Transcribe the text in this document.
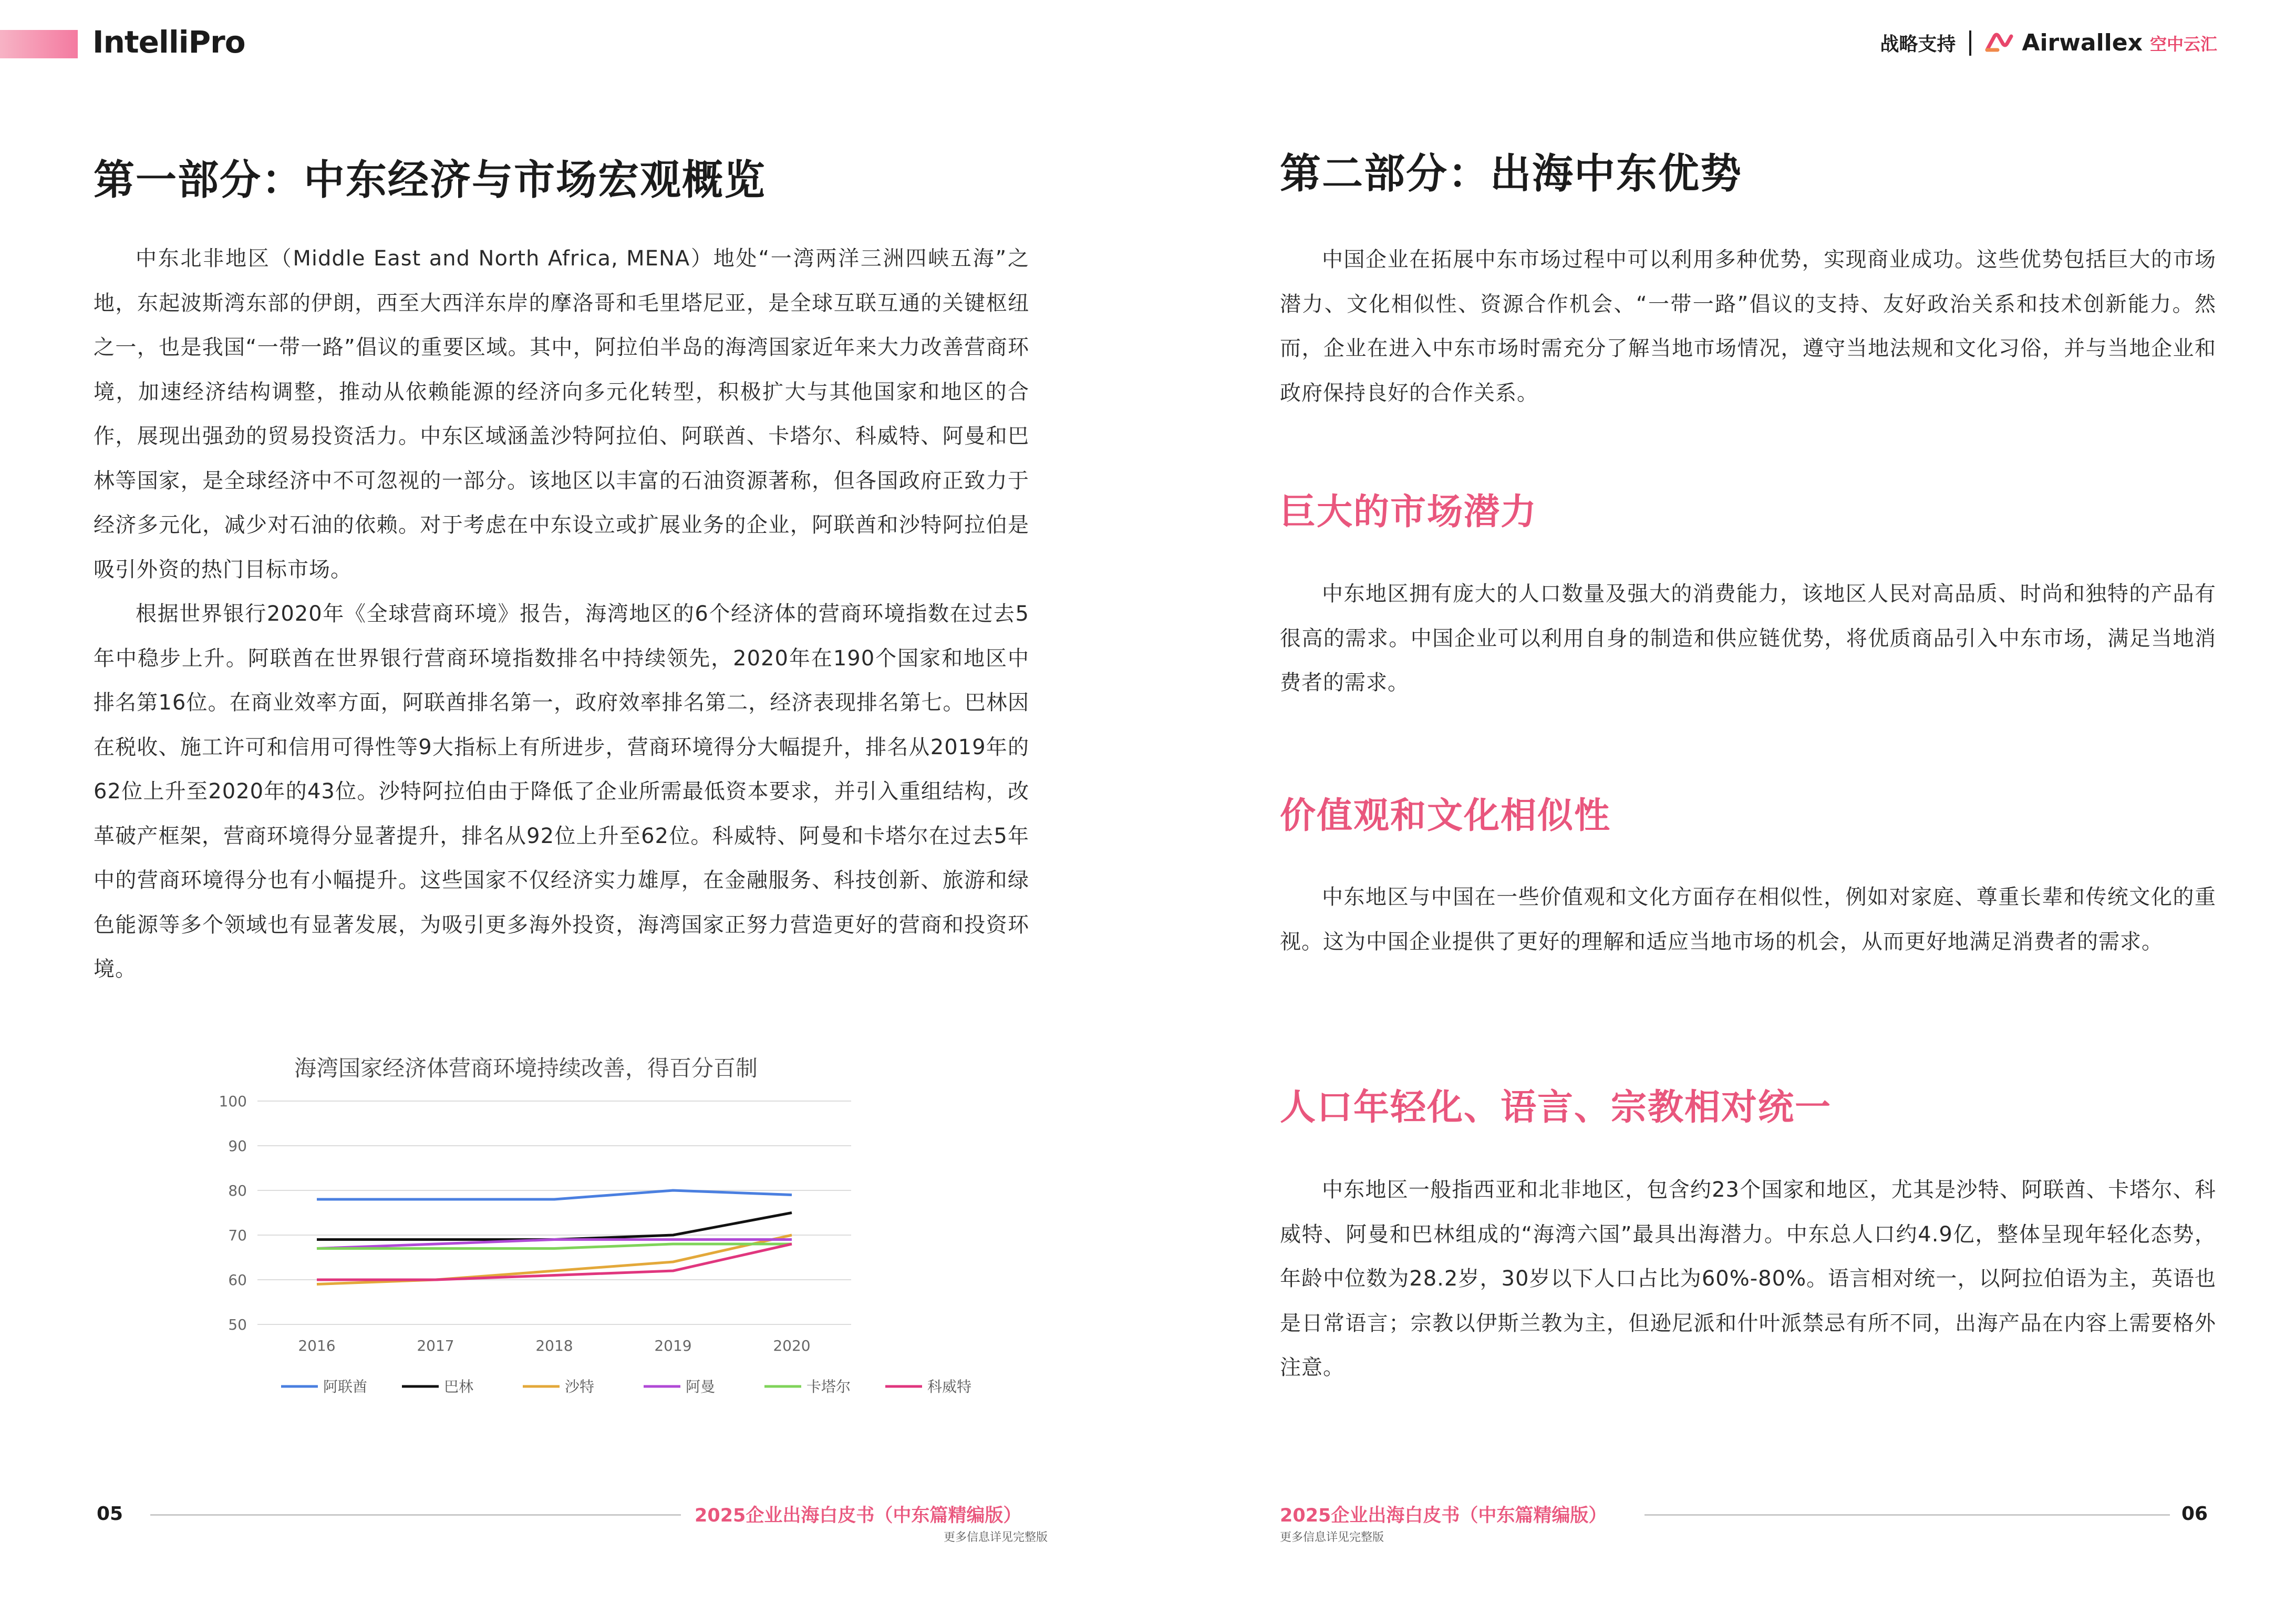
IntelliPro	战略支持	Airwallex 空中云汇
第一部分：中东经济与市场宏观概览

中东北非地区（Middle East and North Africa, MENA）地处“一湾两洋三洲四峡五海”之地，东起波斯湾东部的伊朗，西至大西洋东岸的摩洛哥和毛里塔尼亚，是全球互联互通的关键枢纽之一，也是我国“一带一路”倡议的重要区域。其中，阿拉伯半岛的海湾国家近年来大力改善营商环境，加速经济结构调整，推动从依赖能源的经济向多元化转型，积极扩大与其他国家和地区的合作，展现出强劲的贸易投资活力。中东区域涵盖沙特阿拉伯、阿联酋、卡塔尔、科威特、阿曼和巴林等国家，是全球经济中不可忽视的一部分。该地区以丰富的石油资源著称，但各国政府正致力于经济多元化，减少对石油的依赖。对于考虑在中东设立或扩展业务的企业，阿联酋和沙特阿拉伯是吸引外资的热门目标市场。

根据世界银行2020年《全球营商环境》报告，海湾地区的6个经济体的营商环境指数在过去5年中稳步上升。阿联酋在世界银行营商环境指数排名中持续领先，2020年在190个国家和地区中排名第16位。在商业效率方面，阿联酋排名第一，政府效率排名第二，经济表现排名第七。巴林因在税收、施工许可和信用可得性等9大指标上有所进步，营商环境得分大幅提升，排名从2019年的62位上升至2020年的43位。沙特阿拉伯由于降低了企业所需最低资本要求，并引入重组结构，改革破产框架，营商环境得分显著提升，排名从92位上升至62位。科威特、阿曼和卡塔尔在过去5年中的营商环境得分也有小幅提升。这些国家不仅经济实力雄厚，在金融服务、科技创新、旅游和绿色能源等多个领域也有显著发展，为吸引更多海外投资，海湾国家正努力营造更好的营商和投资环境。

海湾国家经济体营商环境持续改善，得百分百制
100
90
80
70
60
50
2016	2017	2018	2019	2020
阿联酋	巴林	沙特	阿曼	卡塔尔	科威特
第二部分：出海中东优势

中国企业在拓展中东市场过程中可以利用多种优势，实现商业成功。这些优势包括巨大的市场潜力、文化相似性、资源合作机会、“一带一路”倡议的支持、友好政治关系和技术创新能力。然而，企业在进入中东市场时需充分了解当地市场情况，遵守当地法规和文化习俗，并与当地企业和政府保持良好的合作关系。

巨大的市场潜力

中东地区拥有庞大的人口数量及强大的消费能力，该地区人民对高品质、时尚和独特的产品有很高的需求。中国企业可以利用自身的制造和供应链优势，将优质商品引入中东市场，满足当地消费者的需求。

价值观和文化相似性

中东地区与中国在一些价值观和文化方面存在相似性，例如对家庭、尊重长辈和传统文化的重视。这为中国企业提供了更好的理解和适应当地市场的机会，从而更好地满足消费者的需求。

人口年轻化、语言、宗教相对统一

中东地区一般指西亚和北非地区，包含约23个国家和地区，尤其是沙特、阿联酋、卡塔尔、科威特、阿曼和巴林组成的“海湾六国”最具出海潜力。中东总人口约4.9亿，整体呈现年轻化态势，年龄中位数为28.2岁，30岁以下人口占比为60%-80%。语言相对统一，以阿拉伯语为主，英语也是日常语言；宗教以伊斯兰教为主，但逊尼派和什叶派禁忌有所不同，出海产品在内容上需要格外注意。

05	2025企业出海白皮书（中东篇精编版）
更多信息详见完整版
2025企业出海白皮书（中东篇精编版）
更多信息详见完整版
06
